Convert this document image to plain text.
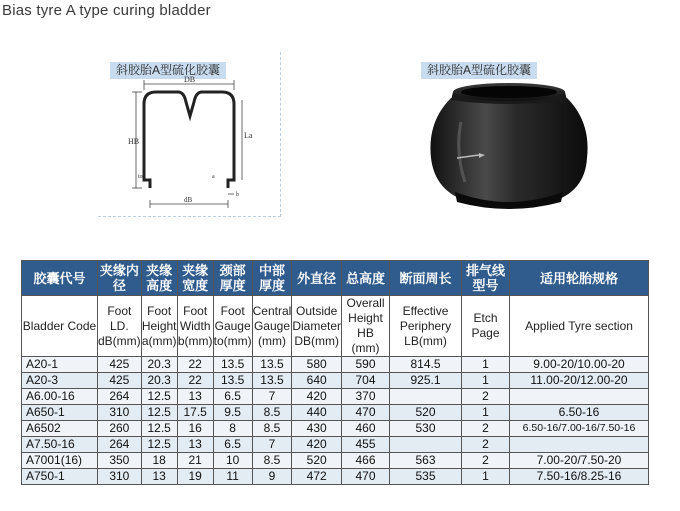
Bias tyre A type curing bladder
斜胶胎A型硫化胶囊
DB
HB
La
to	a
b
dB
斜胶胎A型硫化胶囊
胶囊代号	夹缘内径	夹缘高度	夹缘宽度	颈部厚度	中部厚度	外直径	总高度	断面周长	排气线型号	适用轮胎规格
Bladder Code	Foot LD. dB(mm)	Foot Height a(mm)	Foot Width b(mm)	Foot Gauge to(mm)	Central Gauge (mm)	Outside Diameter DB(mm)	Overall Height HB (mm)	Effective Periphery LB(mm)	Etch Page	Applied Tyre section
A20-1	425	20.3	22	13.5	13.5	580	590	814.5	1	9.00-20/10.00-20
A20-3	425	20.3	22	13.5	13.5	640	704	925.1	1	11.00-20/12.00-20
A6.00-16	264	12.5	13	6.5	7	420	370		2	
A650-1	310	12.5	17.5	9.5	8.5	440	470	520	1	6.50-16
A6502	260	12.5	16	8	8.5	430	460	530	2	6.50-16/7.00-16/7.50-16
A7.50-16	264	12.5	13	6.5	7	420	455		2	
A7001(16)	350	18	21	10	8.5	520	466	563	2	7.00-20/7.50-20
A750-1	310	13	19	11	9	472	470	535	1	7.50-16/8.25-16
